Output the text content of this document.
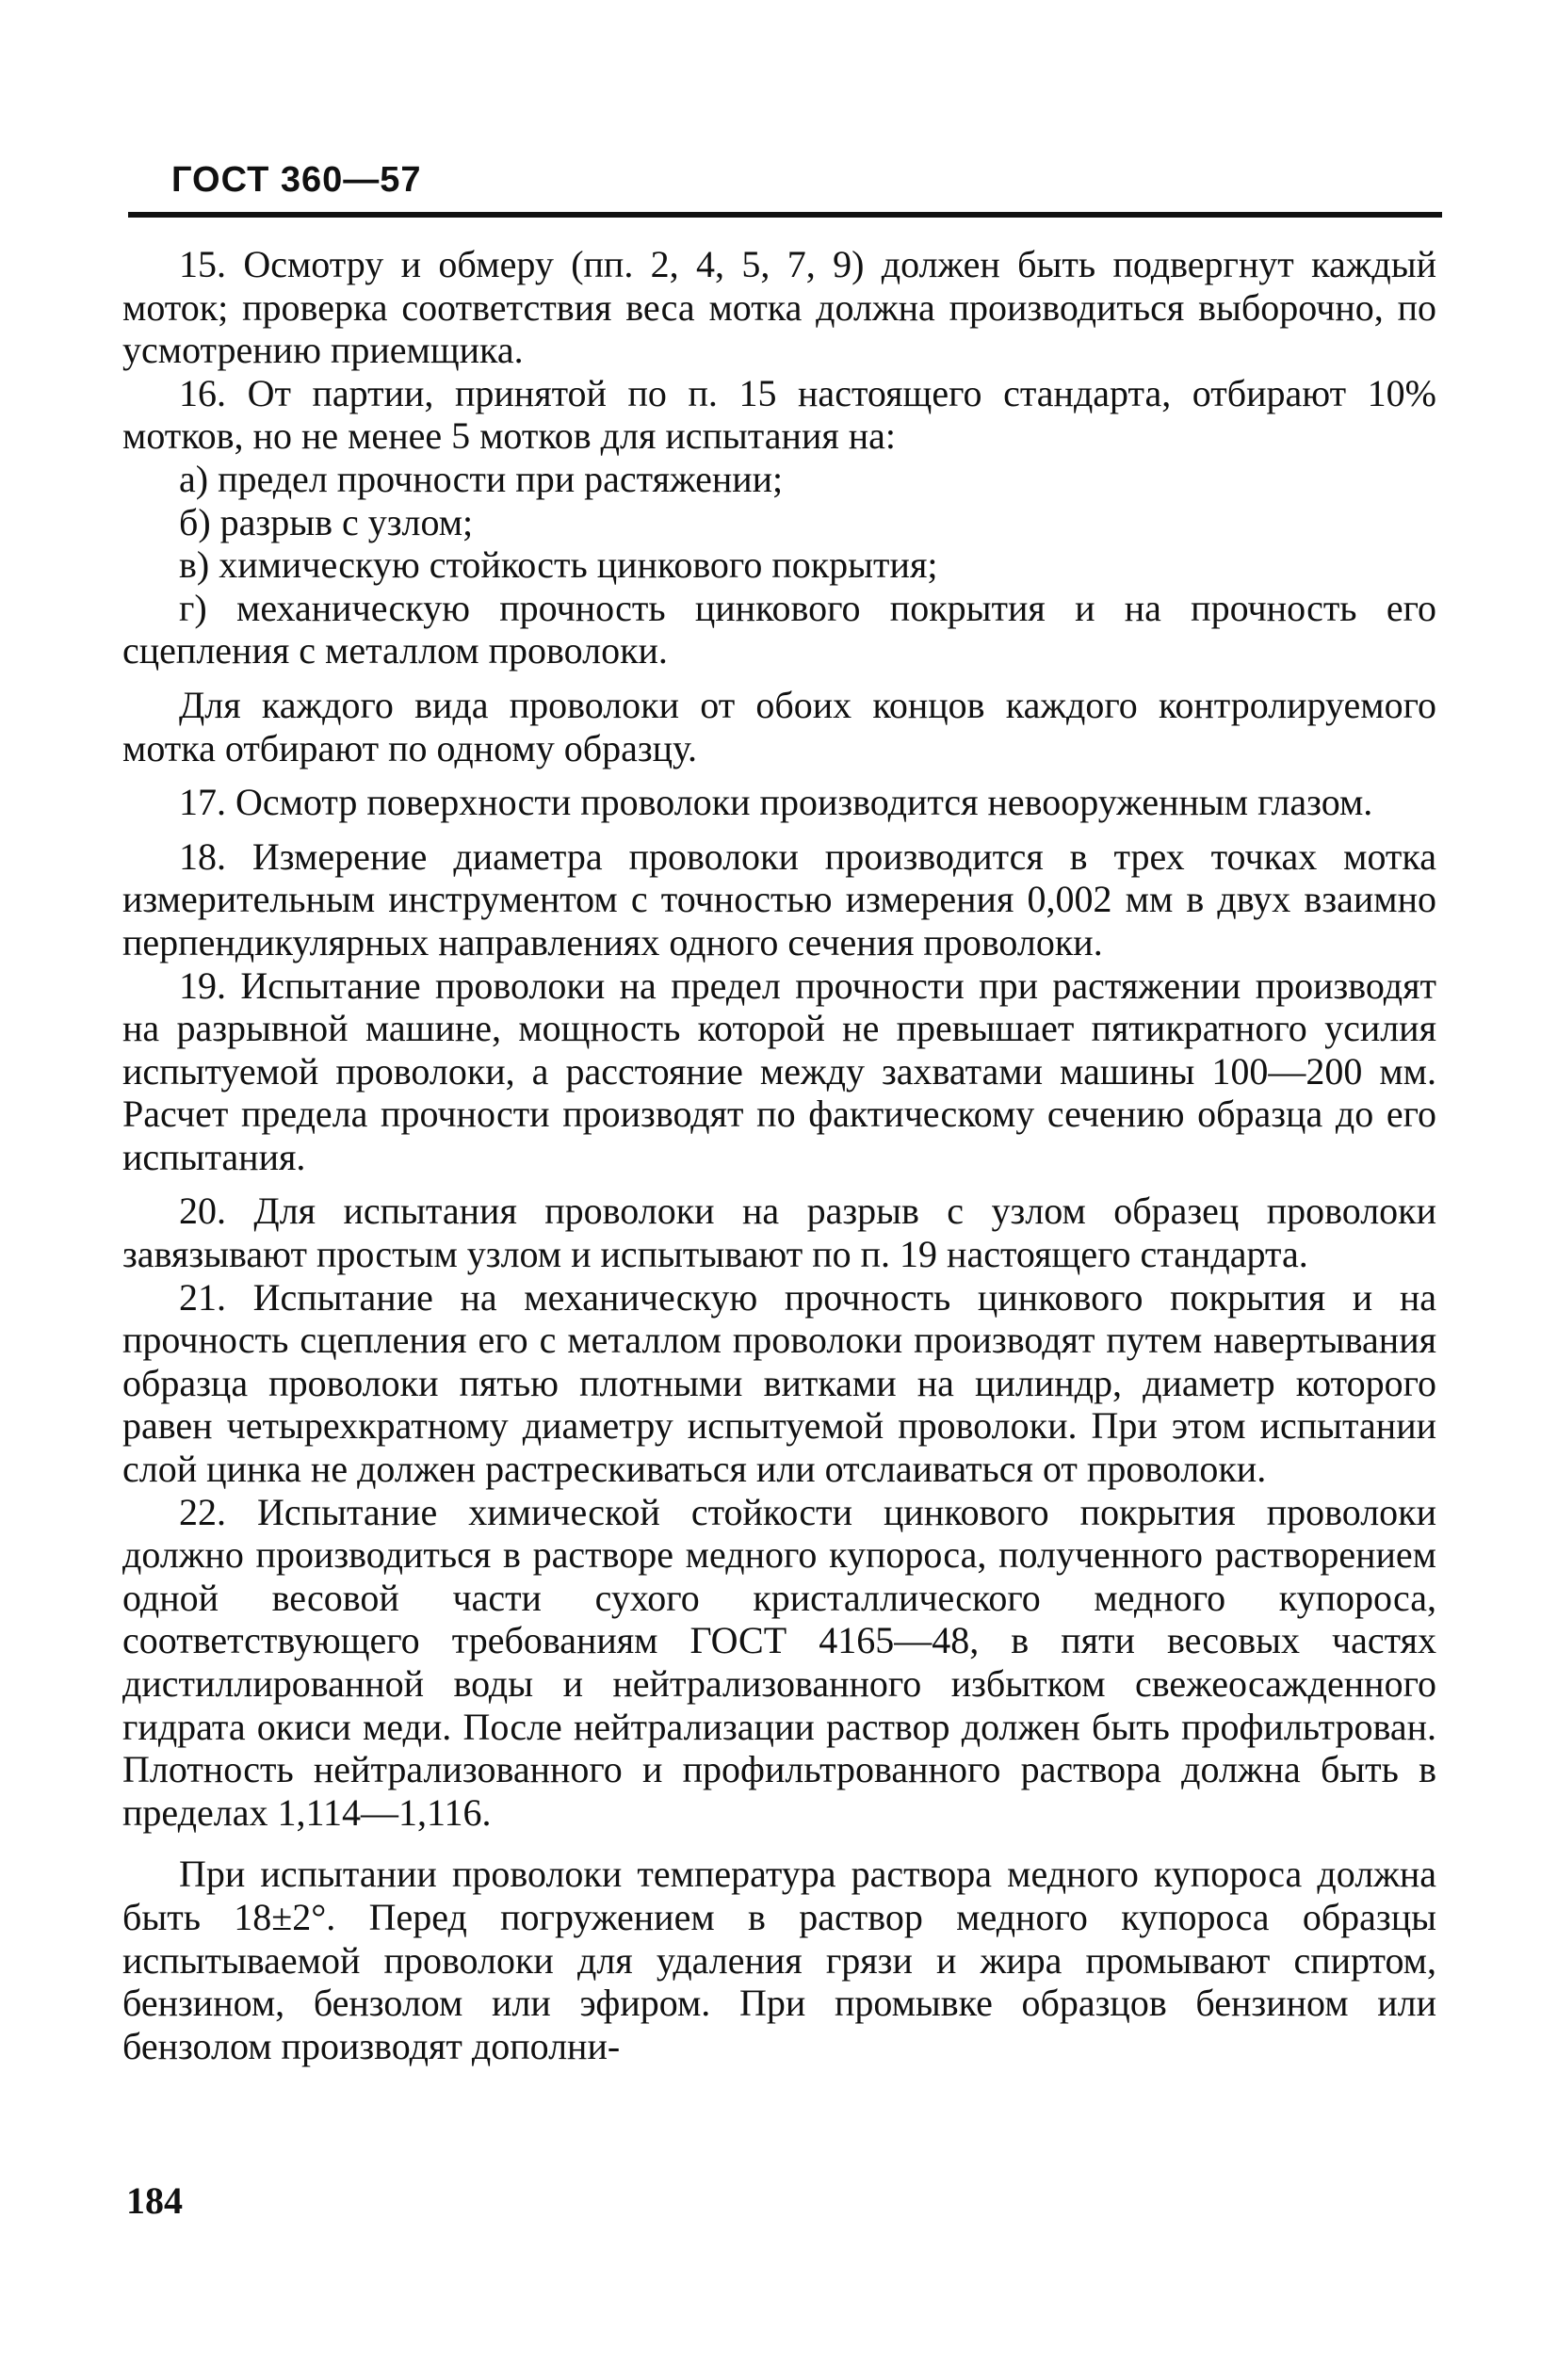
ГОСТ 360—57

15. Осмотру и обмеру (пп. 2, 4, 5, 7, 9) должен быть подвергнут каждый моток; проверка соответствия веса мотка должна производиться выборочно, по усмотрению приемщика.

16. От партии, принятой по п. 15 настоящего стандарта, отбирают 10% мотков, но не менее 5 мотков для испытания на:

а) предел прочности при растяжении;

б) разрыв с узлом;

в) химическую стойкость цинкового покрытия;

г) механическую прочность цинкового покрытия и на прочность его сцепления с металлом проволоки.

Для каждого вида проволоки от обоих концов каждого контролируемого мотка отбирают по одному образцу.

17. Осмотр поверхности проволоки производится невооруженным глазом.

18. Измерение диаметра проволоки производится в трех точках мотка измерительным инструментом с точностью измерения 0,002 мм в двух взаимно перпендикулярных направлениях одного сечения проволоки.

19. Испытание проволоки на предел прочности при растяжении производят на разрывной машине, мощность которой не превышает пятикратного усилия испытуемой проволоки, а расстояние между захватами машины 100—200 мм. Расчет предела прочности производят по фактическому сечению образца до его испытания.

20. Для испытания проволоки на разрыв с узлом образец проволоки завязывают простым узлом и испытывают по п. 19 настоящего стандарта.

21. Испытание на механическую прочность цинкового покрытия и на прочность сцепления его с металлом проволоки производят путем навертывания образца проволоки пятью плотными витками на цилиндр, диаметр которого равен четырехкратному диаметру испытуемой проволоки. При этом испытании слой цинка не должен растрескиваться или отслаиваться от проволоки.

22. Испытание химической стойкости цинкового покрытия проволоки должно производиться в растворе медного купороса, полученного растворением одной весовой части сухого кристаллического медного купороса, соответствующего требованиям ГОСТ 4165—48, в пяти весовых частях дистиллированной воды и нейтрализованного избытком свежеосажденного гидрата окиси меди. После нейтрализации раствор должен быть профильтрован. Плотность нейтрализованного и профильтрованного раствора должна быть в пределах 1,114—1,116.

При испытании проволоки температура раствора медного купороса должна быть 18±2°. Перед погружением в раствор медного купороса образцы испытываемой проволоки для удаления грязи и жира промывают спиртом, бензином, бензолом или эфиром. При промывке образцов бензином или бензолом производят дополни-

184
